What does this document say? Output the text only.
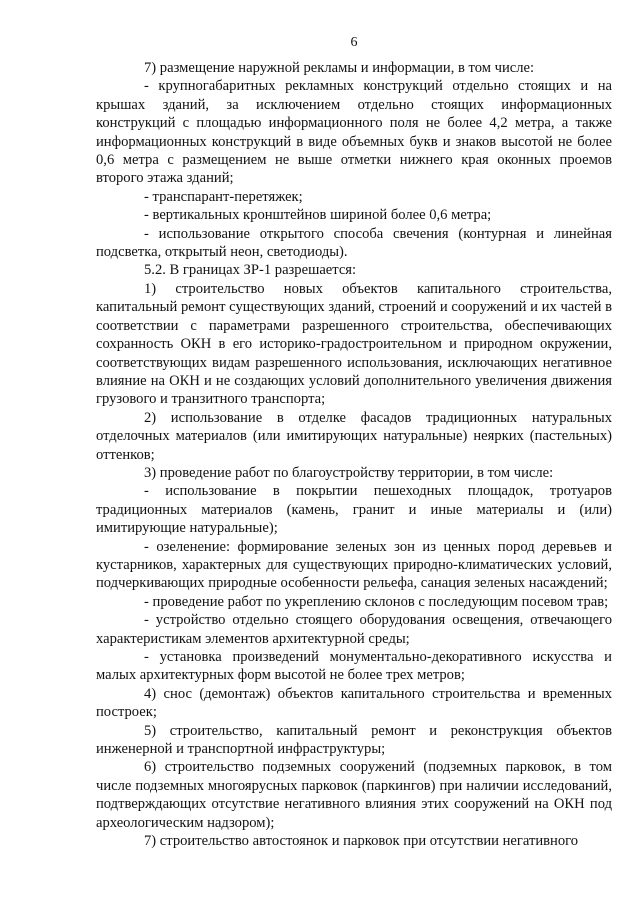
6

7) размещение наружной рекламы и информации, в том числе:

- крупногабаритных рекламных конструкций отдельно стоящих и на крышах зданий, за исключением отдельно стоящих информационных конструкций с площадью информационного поля не более 4,2 метра, а также информационных конструкций в виде объемных букв и знаков высотой не более 0,6 метра с размещением не выше отметки нижнего края оконных проемов второго этажа зданий;

- транспарант-перетяжек;

- вертикальных кронштейнов шириной более 0,6 метра;

- использование открытого способа свечения (контурная и линейная подсветка, открытый неон, светодиоды).

5.2. В границах ЗР-1 разрешается:

1) строительство новых объектов капитального строительства, капитальный ремонт существующих зданий, строений и сооружений и их частей в соответствии с параметрами разрешенного строительства, обеспечивающих сохранность ОКН в его историко-градостроительном и природном окружении, соответствующих видам разрешенного использования, исключающих негативное влияние на ОКН и не создающих условий дополнительного увеличения движения грузового и транзитного транспорта;

2) использование в отделке фасадов традиционных натуральных отделочных материалов (или имитирующих натуральные) неярких (пастельных) оттенков;

3) проведение работ по благоустройству территории, в том числе:

- использование в покрытии пешеходных площадок, тротуаров традиционных материалов (камень, гранит и иные материалы и (или) имитирующие натуральные);

- озеленение: формирование зеленых зон из ценных пород деревьев и кустарников, характерных для существующих природно-климатических условий, подчеркивающих природные особенности рельефа, санация зеленых насаждений;

- проведение работ по укреплению склонов с последующим посевом трав;

- устройство отдельно стоящего оборудования освещения, отвечающего характеристикам элементов архитектурной среды;

- установка произведений монументально-декоративного искусства и малых архитектурных форм высотой не более трех метров;

4) снос (демонтаж) объектов капитального строительства и временных построек;

5) строительство, капитальный ремонт и реконструкция объектов инженерной и транспортной инфраструктуры;

6) строительство подземных сооружений (подземных парковок, в том числе подземных многоярусных парковок (паркингов) при наличии исследований, подтверждающих отсутствие негативного влияния этих сооружений на ОКН под археологическим надзором);

7) строительство автостоянок и парковок при отсутствии негативного
